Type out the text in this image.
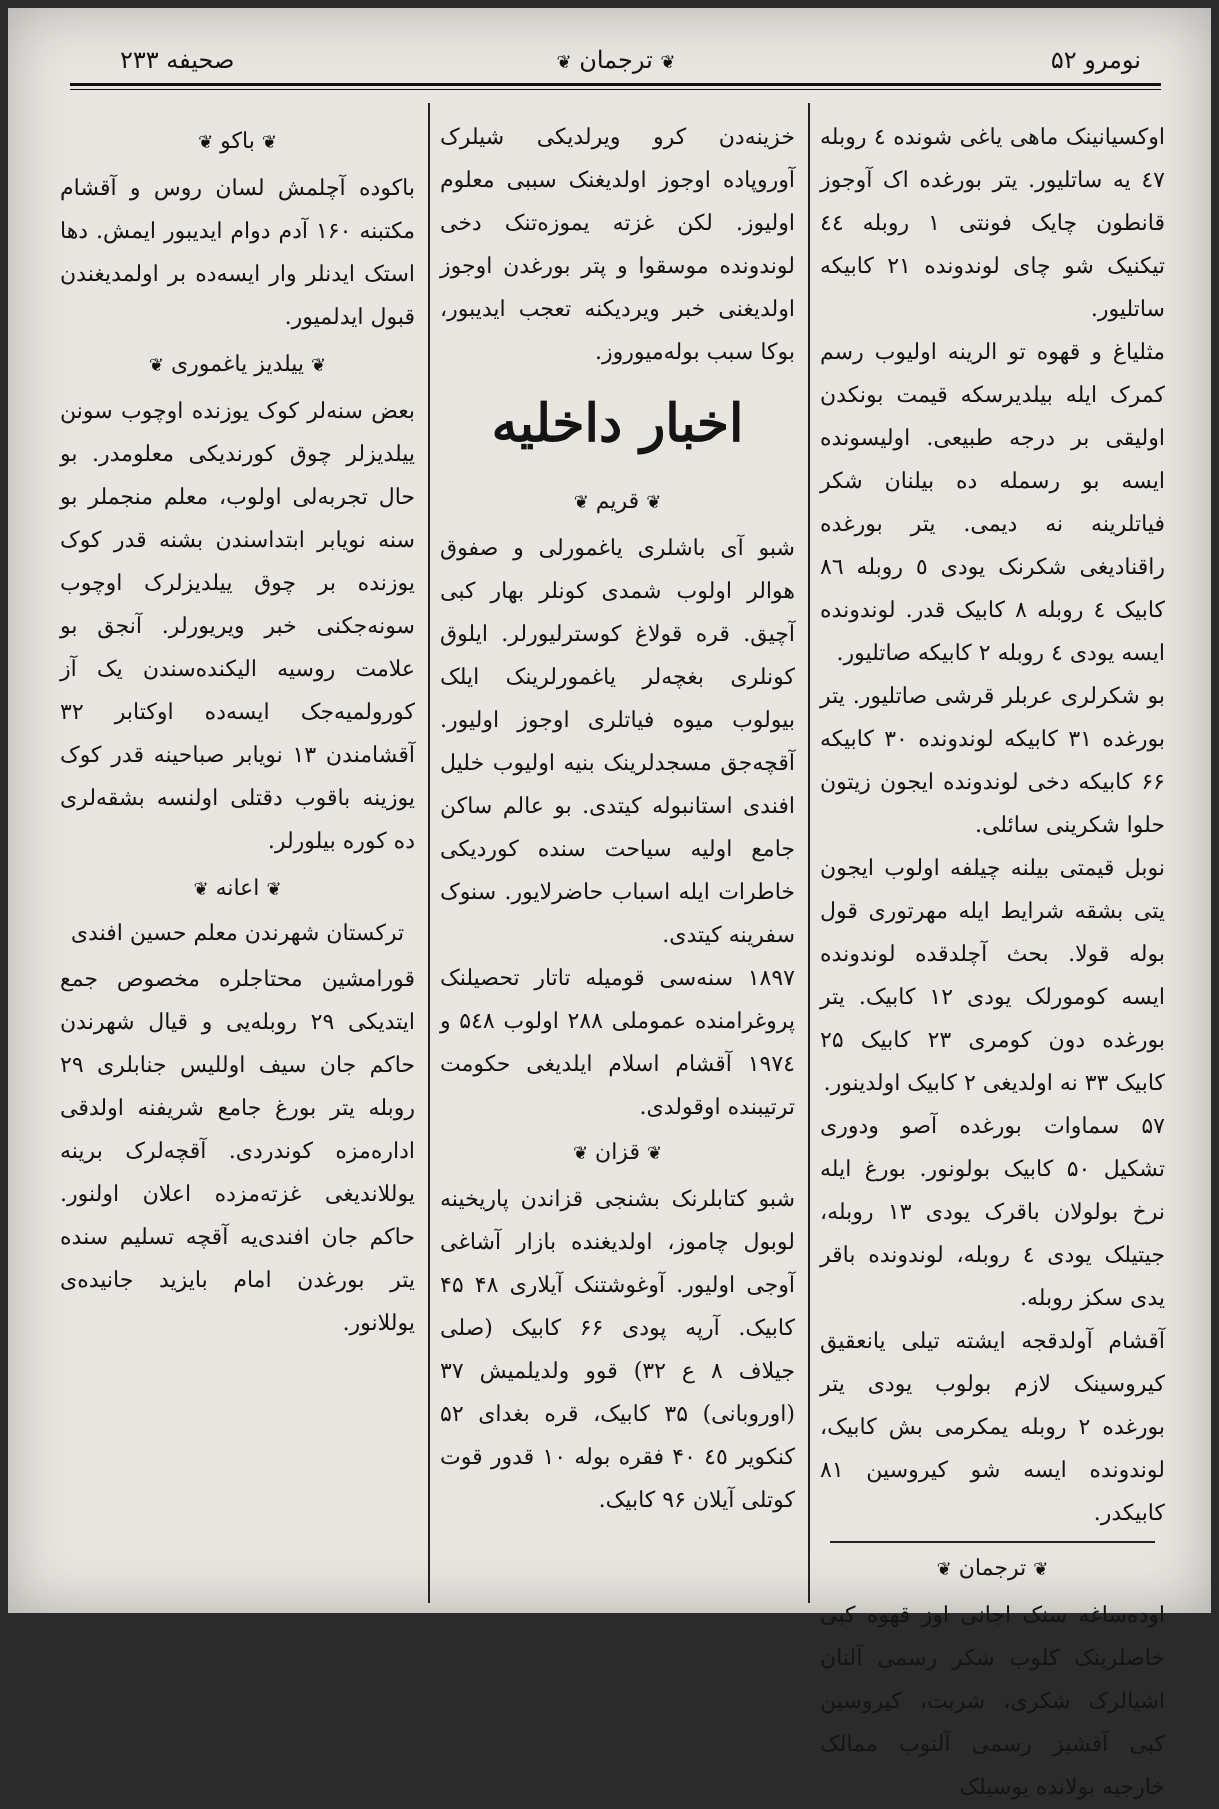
صحیفه ۲۳۳	❦ ترجمان ❦	نومرو ۵۲

اوکسیانینک ماهی یاغی شونده ٤ روبله ٤٧ یه ساتلیور. یتر بورغده اک آوجوز قانطون چایک فونتی ۱ روبله ٤٤ تیکنیک شو چای لوندونده ۲۱ کابیکه ساتلیور.

مثلیاغ و قهوه تو الرینه اولیوب رسم کمرک ایله بیلدیرسکه قیمت بونکدن اولیقی بر درجه طبیعی. اولیسونده ایسه بو رسمله ده بیلنان شکر فیاتلرینه نه دیمی. یتر بورغده راقنادیغی شکرنک یودی ٥ روبله ٨٦ کابیک ٤ روبله ۸ کابیک قدر. لوندونده ایسه یودی ٤ روبله ۲ کابیکه صاتلیور.

بو شکرلری عربلر قرشی صاتلیور. یتر بورغده ۳۱ کابیکه لوندونده ۳۰ کابیکه ۶۶ کابیکه دخی لوندونده ایجون زیتون حلوا شکرینی سائلی.

نوبل قیمتی بیلنه چیلفه اولوب ایجون یتی بشقه شرایط ایله مهرتوری قول بوله قولا. بحث آچلدقده لوندونده ایسه کومورلک یودی ۱۲ کابیک. یتر بورغده دون کومری ۲۳ کابیک ۲۵ کابیک ۳۳ نه اولدیغی ۲ کابیک اولدینور.

۵۷ سماوات بورغده آصو ودوری تشکیل ۵۰ کابیک بولونور. بورغ ایله نرخ بولولان باقرک یودی ۱۳ روبله، جیتیلک یودی ٤ روبله، لوندونده باقر یدی سکز روبله.

آقشام آولدقجه ایشته تیلی یانعقیق کیروسینک لازم بولوب یودی یتر بورغده ۲ روبله یمکرمی بش کابیک، لوندونده ایسه شو کیروسین ۸۱ کابیکدر.

❦ ترجمان ❦

اوده‌ساغه سنک اجانی اوز قهوه کبی خاصلرینک کلوب شکر رسمی آلنان اشیالرک شکری، شربت، کیروسین کبی آقشیز رسمی آلنوب ممالک خارجیه بولانده یوسیلک

خزینه‌دن کرو ویرلدیکی شیلرک آوروپاده اوجوز اولدیغنک سببی معلوم اولیوز. لکن غزته یموزه‌تنک دخی لوندونده موسقوا و پتر بورغدن اوجوز اولدیغنی خبر ویردیکنه تعجب ایدیبور، بوکا سبب بوله‌میوروز.

اخبار داخلیه
❦ قریم ❦

شبو آی باشلری یاغمورلی و صفوق هوالر اولوب شمدی کونلر بهار کبی آچیق. قره قولاغ کوسترلیورلر. ایلوق کونلری بغچه‌لر یاغمورلرینک ایلک بیولوب میوه فیاتلری اوجوز اولیور. آقچه‌جق مسجدلرینک بنیه اولیوب خلیل افندی استانبوله کیتدی. بو عالم ساکن جامع اولیه سیاحت سنده کوردیکی خاطرات ایله اسباب حاضرلایور. سنوک سفرینه کیتدی.

۱۸۹۷ سنه‌سی قومیله تاتار تحصیلنک پروغرامنده عموملی ۲۸۸ اولوب ۵٤۸ و ۱۹۷٤ آقشام اسلام ایلدیغی حکومت ترتیبنده اوقولدی.

❦ قزان ❦

شبو کتابلرنک بشنجی قزاندن پاریخینه لوبول چاموز، اولدیغنده بازار آشاغی آوجی اولیور. آوغوشتنک آیلاری ۴۸ ۴۵ کابیک. آرپه پودی ۶۶ کابیک (صلی جیلاف ۸ ع ۳۲) قوو ولدیلمیش ۳۷ (اوروبانی) ۳۵ کابیک، قره بغدای ۵۲ کنکویر ٤٥ ۴۰ فقره بوله ۱۰ قدور قوت کوتلی آیلان ۹۶ کابیک.

❦ باکو ❦

باکوده آچلمش لسان روس و آقشام مکتبنه ۱۶۰ آدم دوام ایدیبور ایمش. دها استک ایدنلر وار ایسه‌ده بر اولمدیغندن قبول ایدلمیور.

❦ ییلدیز یاغموری ❦

بعض سنه‌لر کوک یوزنده اوچوب سونن ییلدیزلر چوق کورندیکی معلومدر. بو حال تجربه‌لی اولوب، معلم منجملر بو سنه نویابر ابتداسندن بشنه قدر کوک یوزنده بر چوق ییلدیزلرک اوچوب سونه‌جکنی خبر ویریورلر. آنجق بو علامت روسیه الیکنده‌سندن یک آز کورولمیه‌جک ایسه‌ده اوکتابر ۳۲ آقشامندن ۱۳ نویابر صباحینه قدر کوک یوزینه باقوب دقتلی اولنسه بشقه‌لری ده کوره بیلورلر.

❦ اعانه ❦
ترکستان شهرندن معلم حسین افندی

قورامشین محتاجلره مخصوص جمع ایتدیکی ۲۹ روبله‌یی و قیال شهرندن حاکم جان سیف اوللیس جنابلری ۲۹ روبله یتر بورغ جامع شریفنه اولدقی اداره‌مزه کوندردی. آقچه‌لرک برینه یوللاندیغی غزته‌مزده اعلان اولنور. حاکم جان افندی‌یه آقچه تسلیم سنده یتر بورغدن امام بایزید جانیده‌ی یوللانور.
